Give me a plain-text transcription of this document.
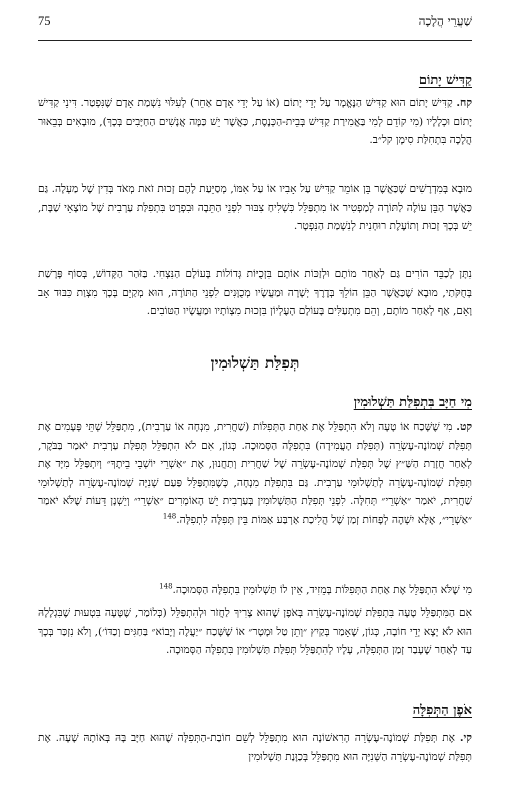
שַׁעֲרֵי הֲלָכָה
75
קַדִּישׁ יָתוֹם

קח. קַדִּישׁ יָתוֹם הוּא קַדִּישׁ הַנֶּאֱמָר עַל יְדֵי יָתוֹם (אוֹ עַל יְדֵי אָדָם אַחֵר) לְעִלּוּי נִשְׁמַת אָדָם שֶׁנִּפְטַר. דִּינֵי קַדִּישׁ יָתוֹם וּכְלָלָיו (מִי קוֹדֵם לְמִי בַּאֲמִירַת קַדִּישׁ בְּבֵית-הַכְּנֶסֶת, כַּאֲשֶׁר יֵשׁ כַּמָּה אֲנָשִׁים הַחַיָּבִים בְּכָךְ), מוּבָאִים בְּבֵאוּר הֲלָכָה בִּתְחִלַּת סִימָן קל״ב.

מוּבָא בְּמִדְרָשִׁים שֶׁכַּאֲשֶׁר בֵּן אוֹמֵר קַדִּישׁ עַל אָבִיו אוֹ עַל אִמּוֹ, מְסַיֵּעַת לָהֶם זְכוּת זֹאת מְאֹד בְּדִין שֶׁל מַעְלָה. גַּם כַּאֲשֶׁר הַבֵּן עוֹלֶה לַתּוֹרָה לְמַפְטִיר אוֹ מִתְפַּלֵּל כִּשְׁלִיחַ צִבּוּר לִפְנֵי הַתֵּבָה וּבִפְרָט בִּתְפִלַּת עַרְבִית שֶׁל מוֹצָאֵי שַׁבָּת, יֵשׁ בְּכָךְ זְכוּת וְתוֹעֶלֶת רוּחָנִית לְנִשְׁמַת הַנִּפְטָר.

נִתָּן לְכַבֵּד הוֹרִים גַּם לְאַחַר מוֹתָם וּלְזַכּוֹת אוֹתָם בִּזְכֻיּוֹת גְּדוֹלוֹת בָּעוֹלָם הַנִּצְחִי. בַּזֹּהַר הַקָּדוֹשׁ, בְּסוֹף פָּרָשַׁת בְּחֻקֹּתַי, מוּבָא שֶׁכַּאֲשֶׁר הַבֵּן הוֹלֵךְ בְּדֶרֶךְ יְשָׁרָה וּמַעֲשָׂיו מְכֻוָּנִים לִפְנֵי הַתּוֹרָה, הוּא מְקַיֵּם בְּכָךְ מִצְוַת כִּבּוּד אָב וָאֵם, אַף לְאַחַר מוֹתָם, וְהֵם מִתְעַלִּים בָּעוֹלָם הָעֶלְיוֹן בִּזְכוּת מִצְוֹתָיו וּמַעֲשָׂיו הַטּוֹבִים.

תְּפִלַּת תַּשְׁלוּמִין
מִי חַיָּב בִּתְפִלַּת תַּשְׁלוּמִין

קט. מִי שֶׁשָּׁכַח אוֹ טָעָה וְלֹא הִתְפַּלֵּל אֶת אַחַת הַתְּפִלּוֹת (שַׁחֲרִית, מִנְחָה אוֹ עַרְבִית), מִתְפַּלֵּל שְׁתֵּי פְּעָמִים אֶת תְּפִלַּת שְׁמוֹנֶה-עֶשְׂרֵה (תְּפִלַּת הָעֲמִידָה) בִּתְפִלָּה הַסְּמוּכָה. כְּגוֹן, אִם לֹא הִתְפַּלֵּל תְּפִלַּת עַרְבִית יֹאמַר בַּבֹּקֶר, לְאַחַר חֲזָרַת הַשַּׁ״ץ שֶׁל תְּפִלַּת שְׁמוֹנֶה-עֶשְׂרֵה שֶׁל שַׁחֲרִית וְתַחֲנוּן, אֶת ״אַשְׁרֵי יוֹשְׁבֵי בֵיתֶךָ״ וְיִתְפַּלֵּל מִיָּד אֶת תְּפִלַּת שְׁמוֹנֶה-עֶשְׂרֵה לְתַשְׁלוּמֵי עַרְבִית. גַּם בִּתְפִלַּת מִנְחָה, כְּשֶׁמִּתְפַּלֵּל פַּעַם שְׁנִיָּה שְׁמוֹנֶה-עֶשְׂרֵה לְתַשְׁלוּמֵי שַׁחֲרִית, יֹאמַר ״אַשְׁרֵי״ תְּחִלָּה. לִפְנֵי תְּפִלַּת הַתַּשְׁלוּמִין בְּעַרְבִית יֵשׁ הָאוֹמְרִים ״אַשְׁרֵי״ וְיֵשְׁנָן דֵּעוֹת שֶׁלֹּא יֹאמַר ״אַשְׁרֵי״, אֶלָּא יִשְׁהֶה לְפָחוֹת זְמַן שֶׁל הֲלִיכַת אַרְבַּע אַמּוֹת בֵּין תְּפִלָּה לִתְפִלָּה.$^{148}$

מִי שֶׁלֹּא הִתְפַּלֵּל אֶת אַחַת הַתְּפִלּוֹת בְּמֵזִיד, אֵין לוֹ תַּשְׁלוּמִין בִּתְפִלָּה הַסְּמוּכָה.$^{148}$

אִם הַמִּתְפַּלֵּל טָעָה בִּתְפִלַּת שְׁמוֹנֶה-עֶשְׂרֵה בְּאֹפֶן שֶׁהוּא צָרִיךְ לַחֲזֹר וּלְהִתְפַּלֵּל (כְּלוֹמַר, שֶׁטָּעָה בִּטְעוּת שֶׁבִּגְלָלָהּ הוּא לֹא יָצָא יְדֵי חוֹבָה, כְּגוֹן, שֶׁאָמַר בְּקַיִץ ״וְתֵן טַל וּמָטָר״ אוֹ שֶׁשָּׁכַח ״יַעֲלֶה וְיָבוֹא״ בַּחַגִּים וְכַדּוֹ׳), וְלֹא נִזְכַּר בְּכָךְ עַד לְאַחַר שֶׁעָבַר זְמַן הַתְּפִלָּה, עָלָיו לְהִתְפַּלֵּל תְּפִלַּת תַּשְׁלוּמִין בִּתְפִלָּה הַסְּמוּכָה.

אֹפֶן הַתְּפִלָּה

קי. אֶת תְּפִלַּת שְׁמוֹנֶה-עֶשְׂרֵה הָרִאשׁוֹנָה הוּא מִתְפַּלֵּל לְשֵׁם חוֹבַת-הַתְּפִלָּה שֶׁהוּא חַיָּב בָּהּ בְּאוֹתָהּ שָׁעָה. אֶת תְּפִלַּת שְׁמוֹנֶה-עֶשְׂרֵה הַשְּׁנִיָּה הוּא מִתְפַּלֵּל בְּכַוָּנַת תַּשְׁלוּמִין
